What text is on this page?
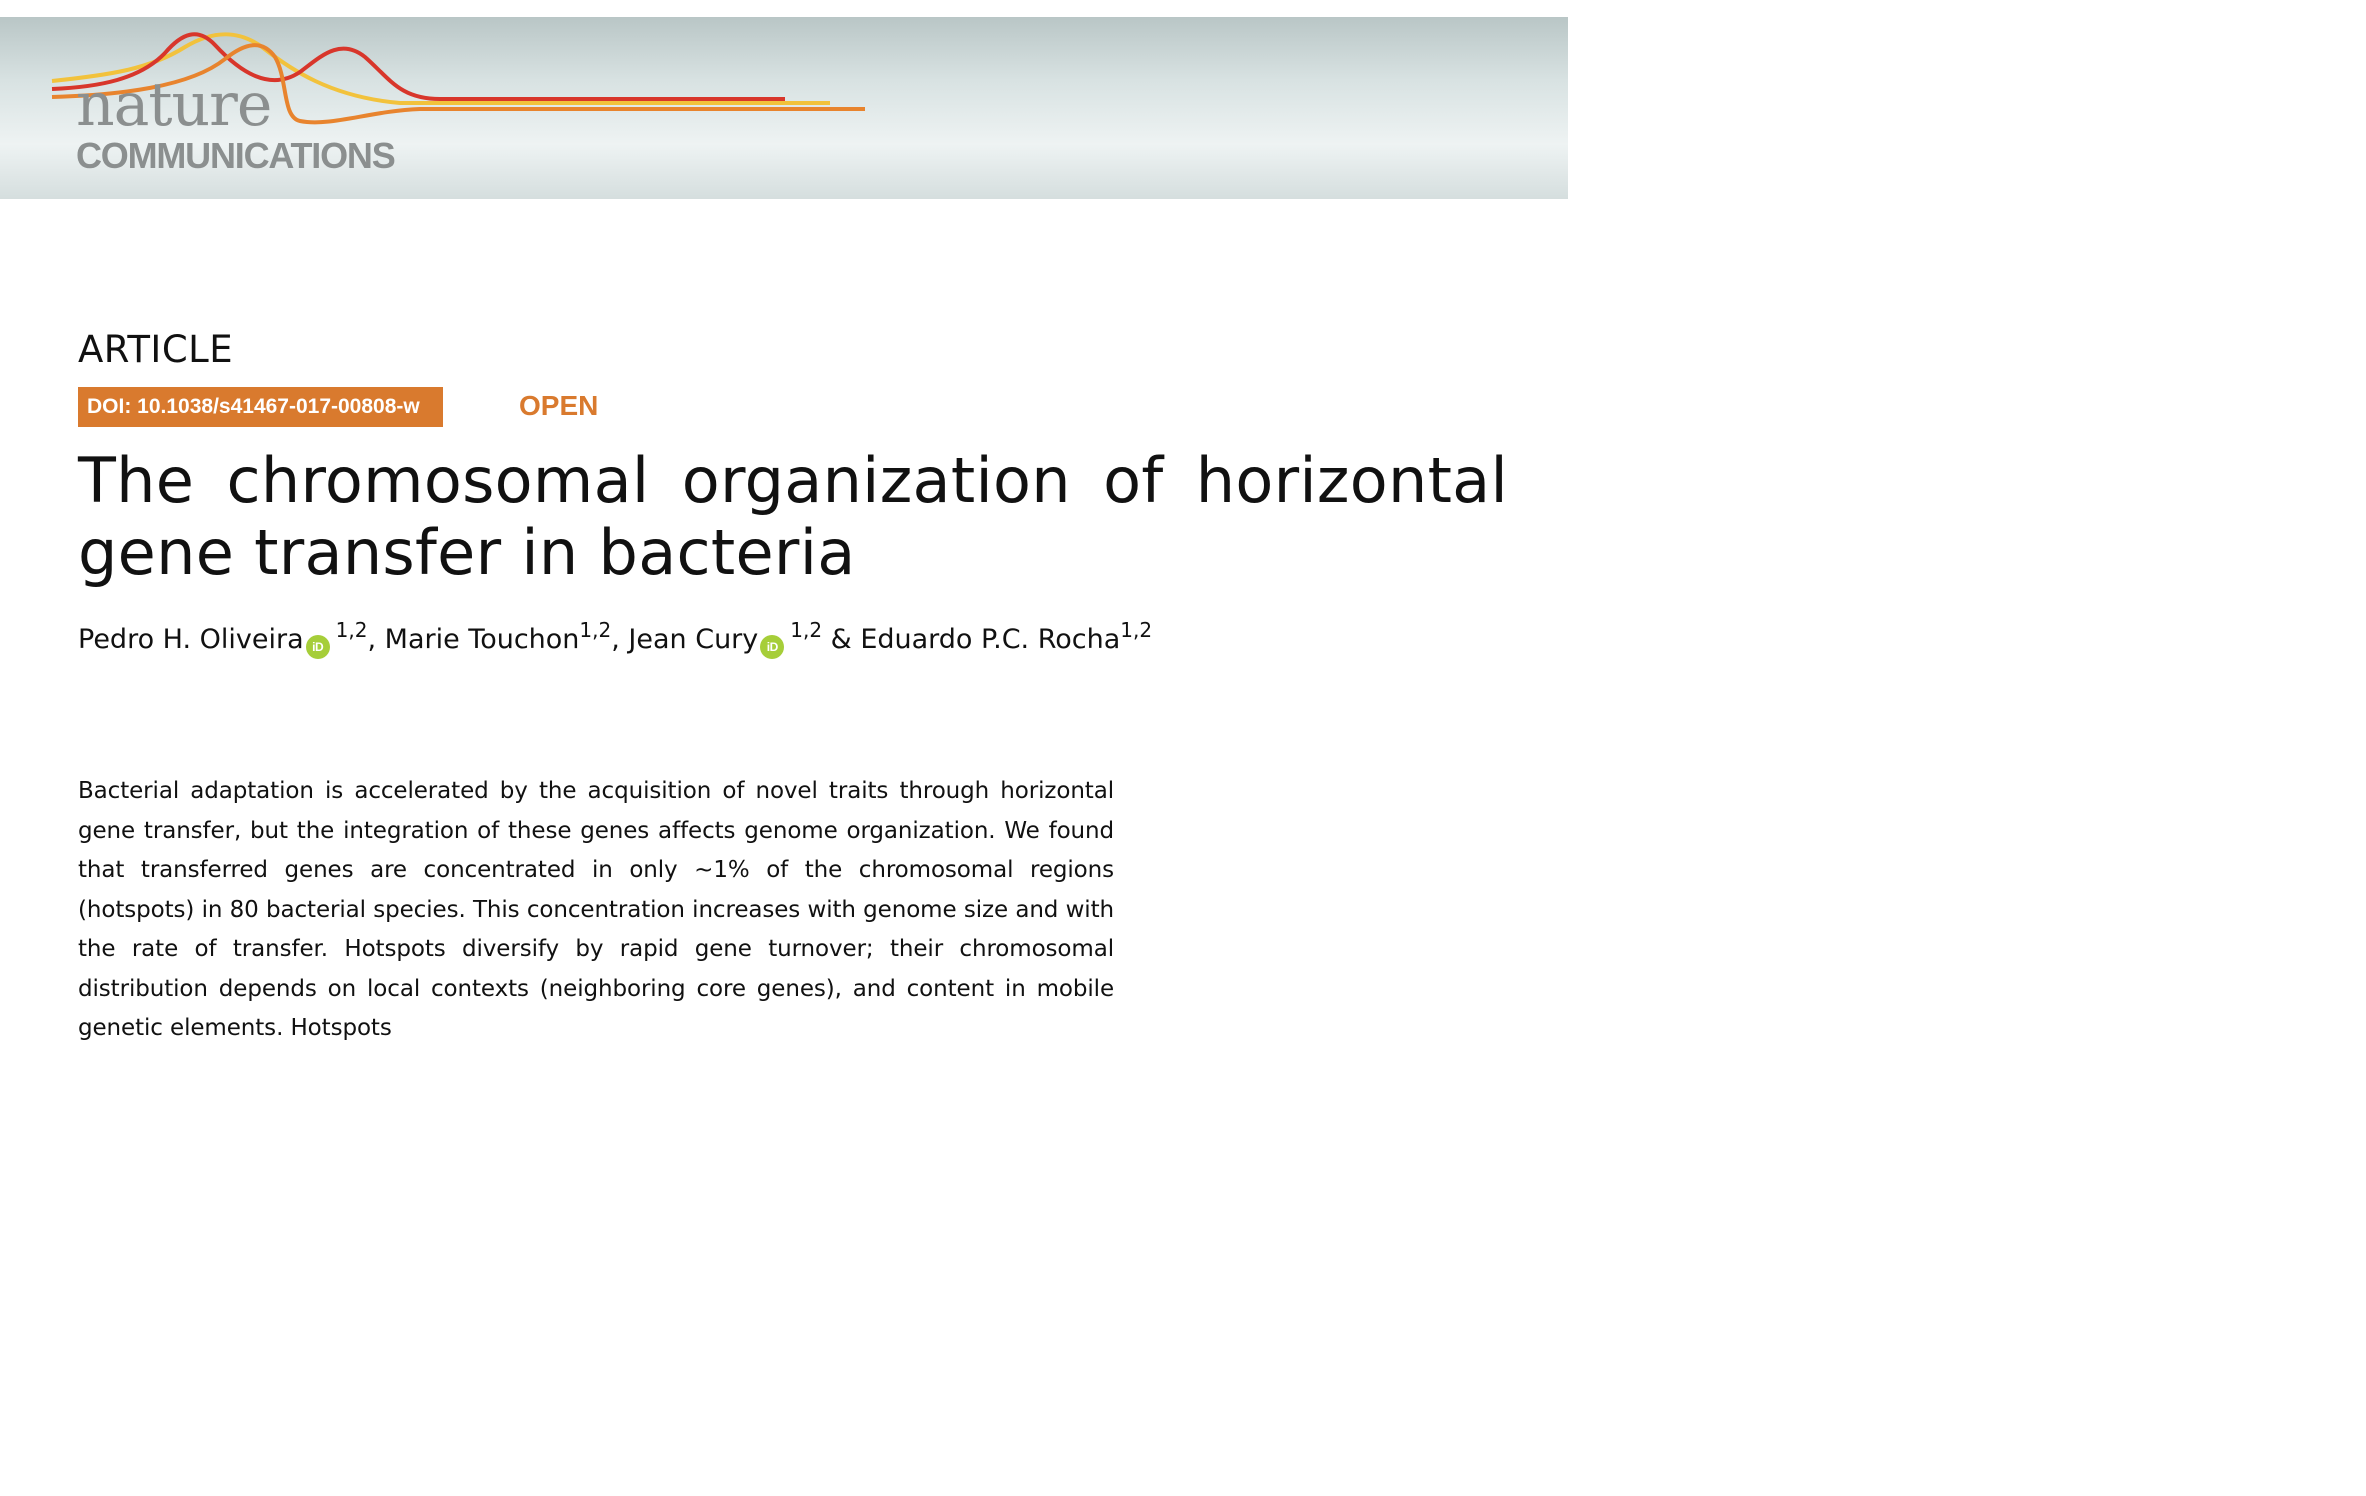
nature
COMMUNICATIONS
ARTICLE
DOI: 10.1038/s41467-017-00808-w	OPEN
The chromosomal organization of horizontal gene transfer in bacteria
Pedro H. Oliveira iD$^{1,2}$, Marie Touchon$^{1,2}$, Jean Cury iD$^{1,2}$ & Eduardo P.C. Rocha$^{1,2}$

Bacterial adaptation is accelerated by the acquisition of novel traits through horizontal gene transfer, but the integration of these genes affects genome organization. We found that transferred genes are concentrated in only ~1% of the chromosomal regions (hotspots) in 80 bacterial species. This concentration increases with genome size and with the rate of transfer. Hotspots diversify by rapid gene turnover; their chromosomal distribution depends on local contexts (neighboring core genes), and content in mobile genetic elements. Hotspots
